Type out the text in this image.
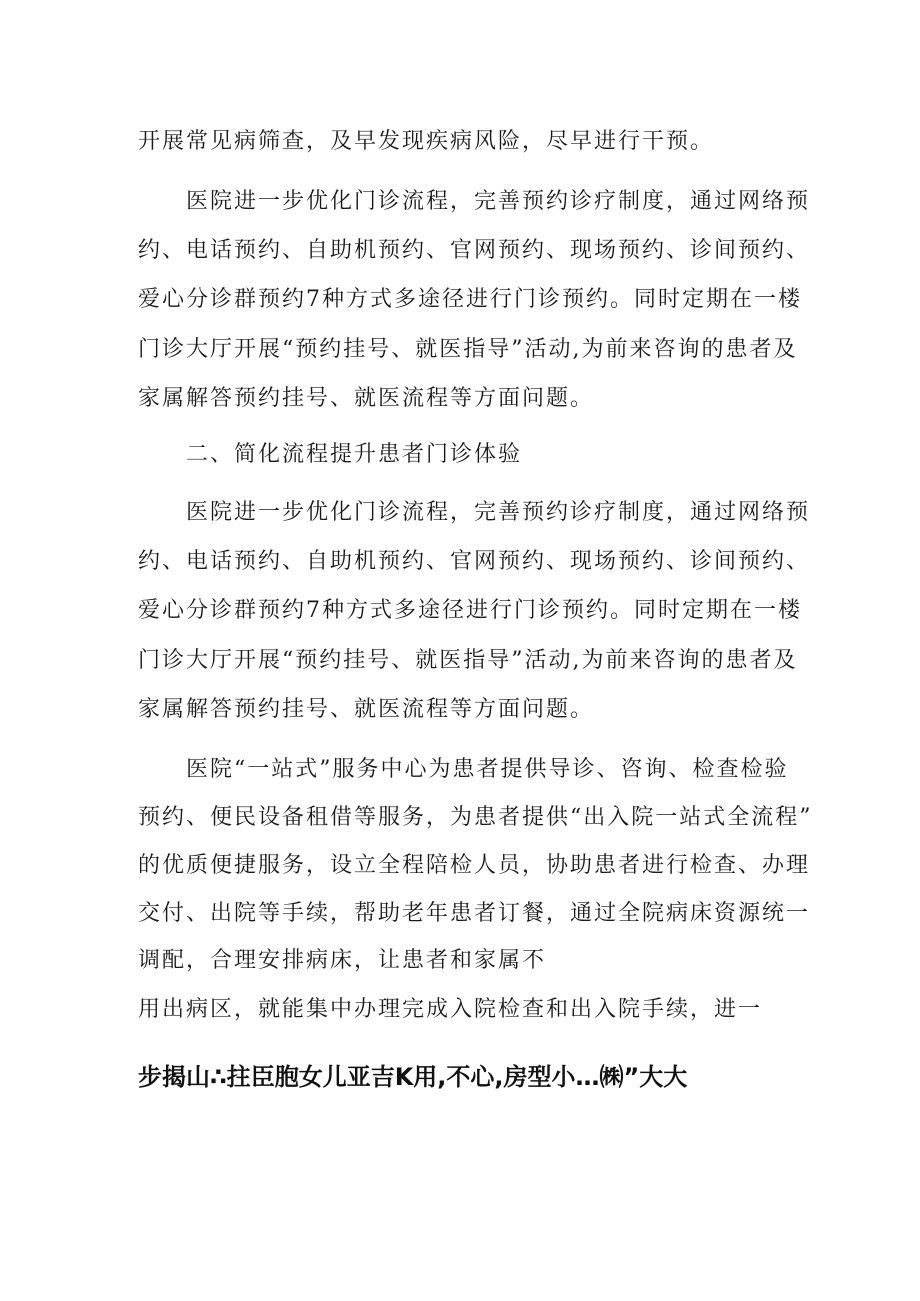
开展常见病筛查，及早发现疾病风险，尽早进行干预。
医院进一步优化门诊流程，完善预约诊疗制度，通过网络预
约、电话预约、自助机预约、官网预约、现场预约、诊间预约、
爱心分诊群预约7种方式多途径进行门诊预约。同时定期在一楼
门诊大厅开展“预约挂号、就医指导”活动,为前来咨询的患者及
家属解答预约挂号、就医流程等方面问题。
二、简化流程提升患者门诊体验
医院进一步优化门诊流程，完善预约诊疗制度，通过网络预
约、电话预约、自助机预约、官网预约、现场预约、诊间预约、
爱心分诊群预约7种方式多途径进行门诊预约。同时定期在一楼
门诊大厅开展“预约挂号、就医指导”活动,为前来咨询的患者及
家属解答预约挂号、就医流程等方面问题。
医院“一站式”服务中心为患者提供导诊、咨询、检查检验
预约、便民设备租借等服务，为患者提供“出入院一站式全流程”
的优质便捷服务，设立全程陪检人员，协助患者进行检查、办理
交付、出院等手续，帮助老年患者订餐，通过全院病床资源统一
调配，合理安排病床，让患者和家属不
用出病区，就能集中办理完成入院检查和出入院手续，进一
步揭山∴拄臣胞女儿亚吉K用,不心,房型小…㈱”大大
